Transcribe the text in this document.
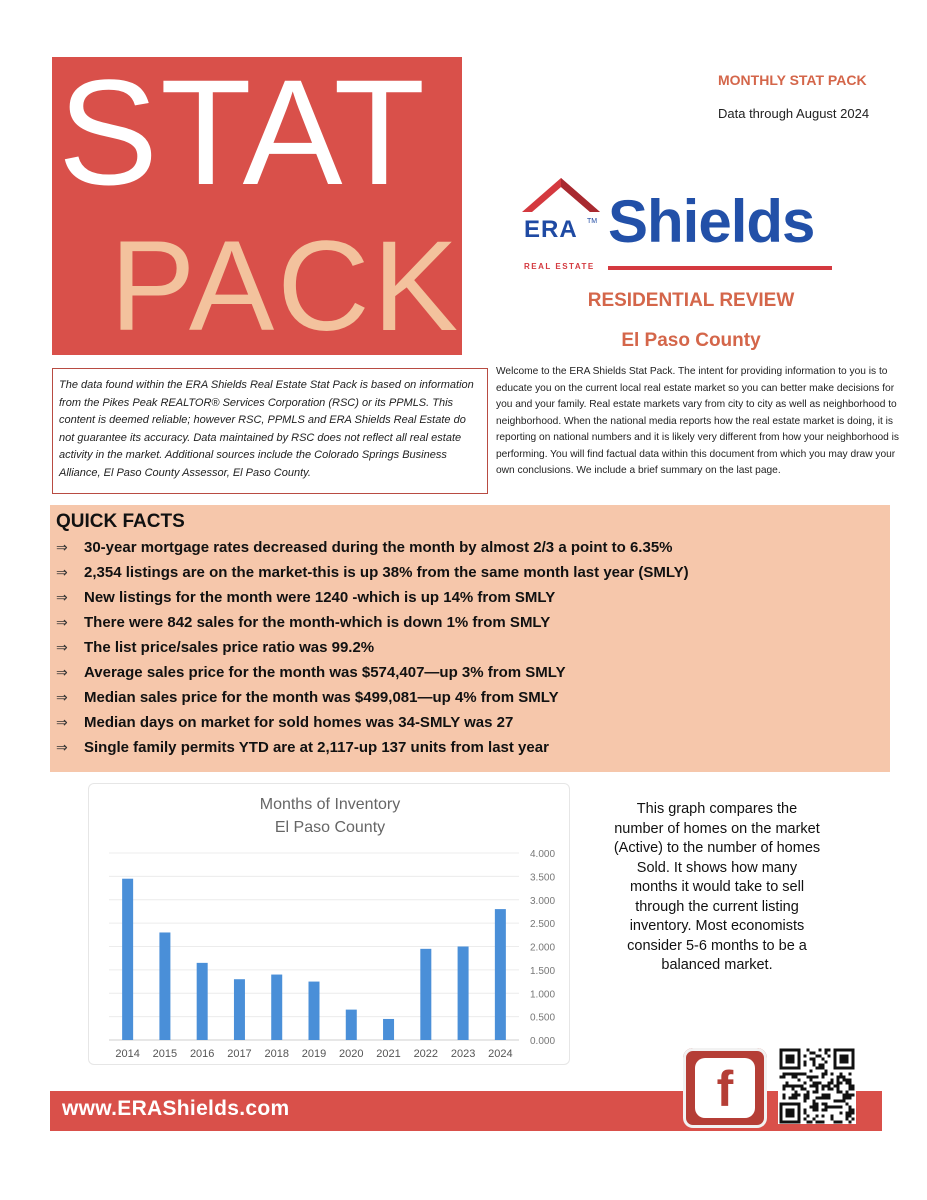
STAT
PACK
MONTHLY STAT PACK
Data through August 2024
ERA TM
REAL ESTATE
Shields
RESIDENTIAL REVIEW
El Paso County
The data found within the ERA Shields Real Estate Stat Pack is based on information from the Pikes Peak REALTOR® Services Corporation (RSC) or its PPMLS. This content is deemed reliable; however RSC, PPMLS and ERA Shields Real Estate do not guarantee its accuracy. Data maintained by RSC does not reflect all real estate activity in the market. Additional sources include the Colorado Springs Business Alliance, El Paso County Assessor, El Paso County.
Welcome to the ERA Shields Stat Pack. The intent for providing information to you is to educate you on the current local real estate market so you can better make decisions for you and your family. Real estate markets vary from city to city as well as neighborhood to neighborhood. When the national media reports how the real estate market is doing, it is reporting on national numbers and it is likely very different from how your neighborhood is performing. You will find factual data within this document from which you may draw your own conclusions. We include a brief summary on the last page.
QUICK FACTS
⇒	30-year mortgage rates decreased during the month by almost 2/3 a point to 6.35%
⇒	2,354 listings are on the market-this is up 38% from the same month last year (SMLY)
⇒	New listings for the month were 1240 -which is up 14% from SMLY
⇒	There were 842 sales for the month-which is down 1% from SMLY
⇒	The list price/sales price ratio was 99.2%
⇒	Average sales price for the month was $574,407—up 3% from SMLY
⇒	Median sales price for the month was $499,081—up 4% from SMLY
⇒	Median days on market for sold homes was 34-SMLY was 27
⇒	Single family permits YTD are at 2,117-up 137 units from last year
Months of Inventory
El Paso County
0.000
0.500
1.000
1.500
2.000
2.500
3.000
3.500
4.000
2014 2015 2016 2017 2018 2019 2020 2021 2022 2023 2024
This graph compares the number of homes on the market (Active) to the number of homes Sold. It shows how many months it would take to sell through the current listing inventory. Most economists consider 5-6 months to be a balanced market.
www.ERAShields.com	f
